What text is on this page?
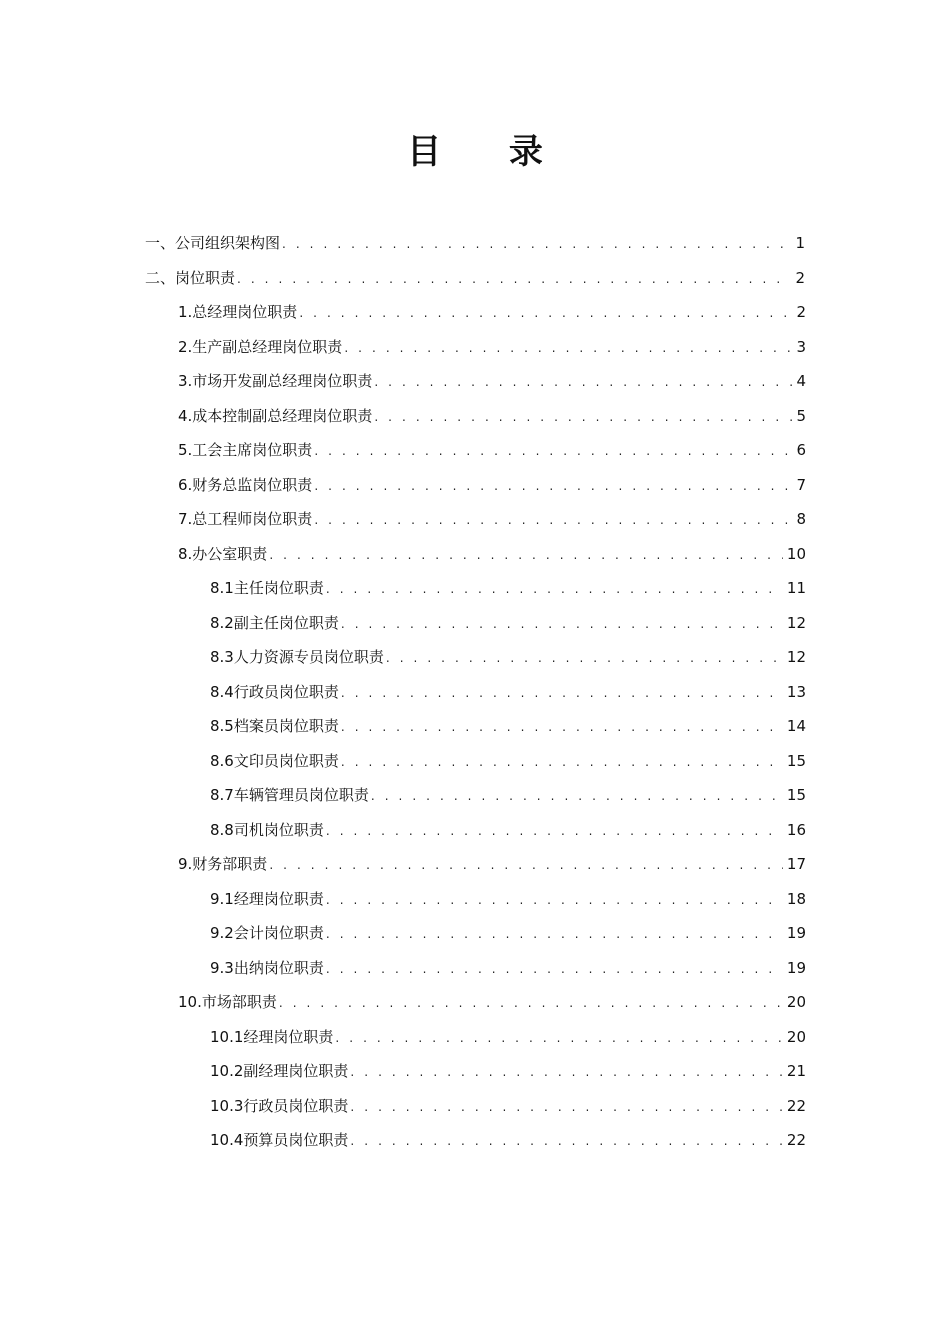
目 录
一、公司组织架构图 . . .	1
二、岗位职责 . . .	2
1.总经理岗位职责 . . .	2
2.生产副总经理岗位职责 . . .	3
3.市场开发副总经理岗位职责 . . .	4
4.成本控制副总经理岗位职责 . . .	5
5.工会主席岗位职责 . . .	6
6.财务总监岗位职责 . . .	7
7.总工程师岗位职责 . . .	8
8.办公室职责 . . .	10
8.1主任岗位职责 . . .	11
8.2副主任岗位职责 . . .	12
8.3人力资源专员岗位职责 . . .	12
8.4行政员岗位职责 . . .	13
8.5档案员岗位职责 . . .	14
8.6文印员岗位职责 . . .	15
8.7车辆管理员岗位职责 . . .	15
8.8司机岗位职责 . . .	16
9.财务部职责 . . .	17
9.1经理岗位职责 . . .	18
9.2会计岗位职责 . . .	19
9.3出纳岗位职责 . . .	19
10.市场部职责 . . .	20
10.1经理岗位职责 . . .	20
10.2副经理岗位职责 . . .	21
10.3行政员岗位职责 . . .	22
10.4预算员岗位职责 . . .	22
